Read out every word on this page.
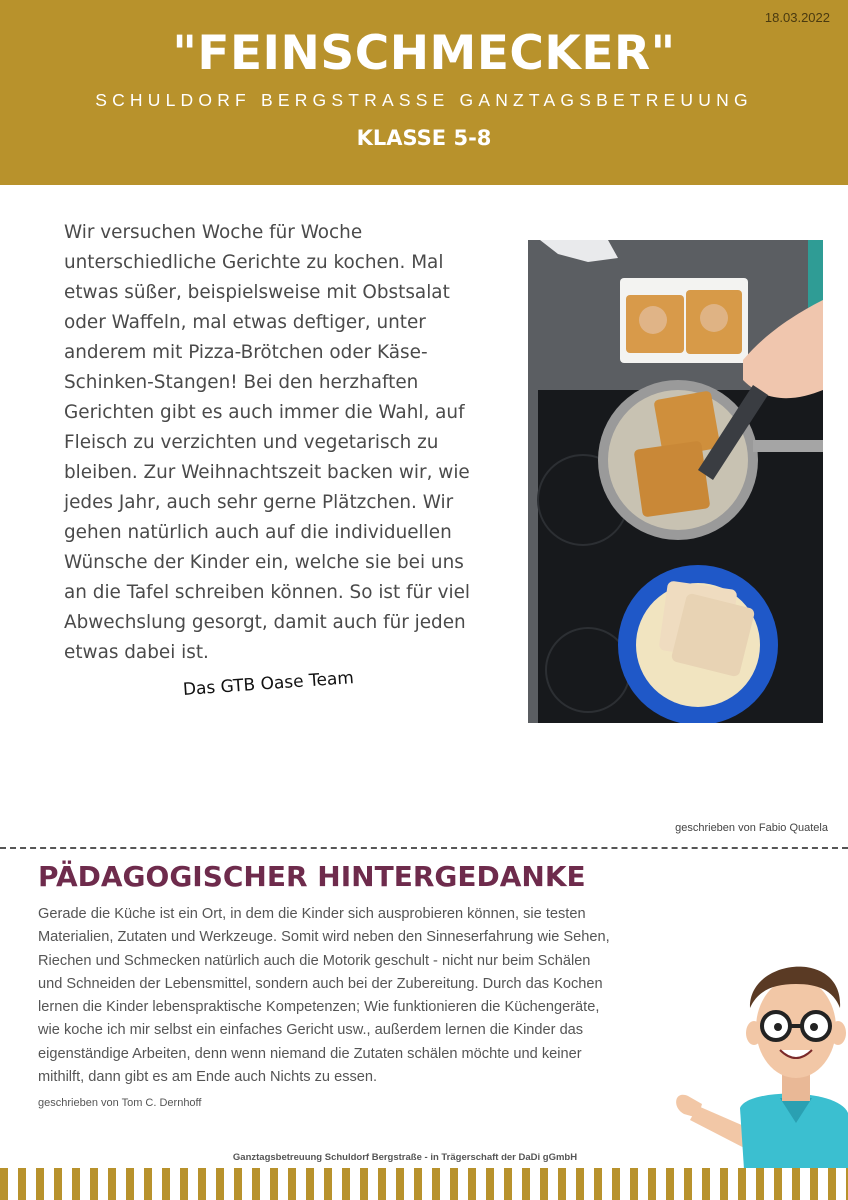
18.03.2022
"FEINSCHMECKER"
SCHULDORF BERGSTRASSE GANZTAGSBETREUUNG
KLASSE 5-8
Wir versuchen Woche für Woche
unterschiedliche Gerichte zu kochen. Mal
etwas süßer, beispielsweise mit Obstsalat
oder Waffeln, mal etwas deftiger, unter
anderem mit Pizza-Brötchen oder Käse-
Schinken-Stangen! Bei den herzhaften
Gerichten gibt es auch immer die Wahl, auf
Fleisch zu verzichten und vegetarisch zu
bleiben. Zur Weihnachtszeit backen wir, wie
jedes Jahr, auch sehr gerne Plätzchen. Wir
gehen natürlich auch auf die individuellen
Wünsche der Kinder ein, welche sie bei uns
an die Tafel schreiben können. So ist für viel
Abwechslung gesorgt, damit auch für jeden
etwas dabei ist.
Das GTB Oase Team
geschrieben von Fabio Quatela
PÄDAGOGISCHER HINTERGEDANKE
Gerade die Küche ist ein Ort, in dem die Kinder sich ausprobieren können, sie testen
Materialien, Zutaten und Werkzeuge. Somit wird neben den Sinneserfahrung wie Sehen,
Riechen und Schmecken natürlich auch die Motorik geschult - nicht nur beim Schälen
und Schneiden der Lebensmittel, sondern auch bei der Zubereitung. Durch das Kochen
lernen die Kinder lebenspraktische Kompetenzen; Wie funktionieren die Küchengeräte,
wie koche ich mir selbst ein einfaches Gericht usw., außerdem lernen die Kinder das
eigenständige Arbeiten, denn wenn niemand die Zutaten schälen möchte und keiner
mithilft, dann gibt es am Ende auch Nichts zu essen.
geschrieben von Tom C. Dernhoff
Ganztagsbetreuung Schuldorf Bergstraße - in Trägerschaft der DaDi gGmbH
